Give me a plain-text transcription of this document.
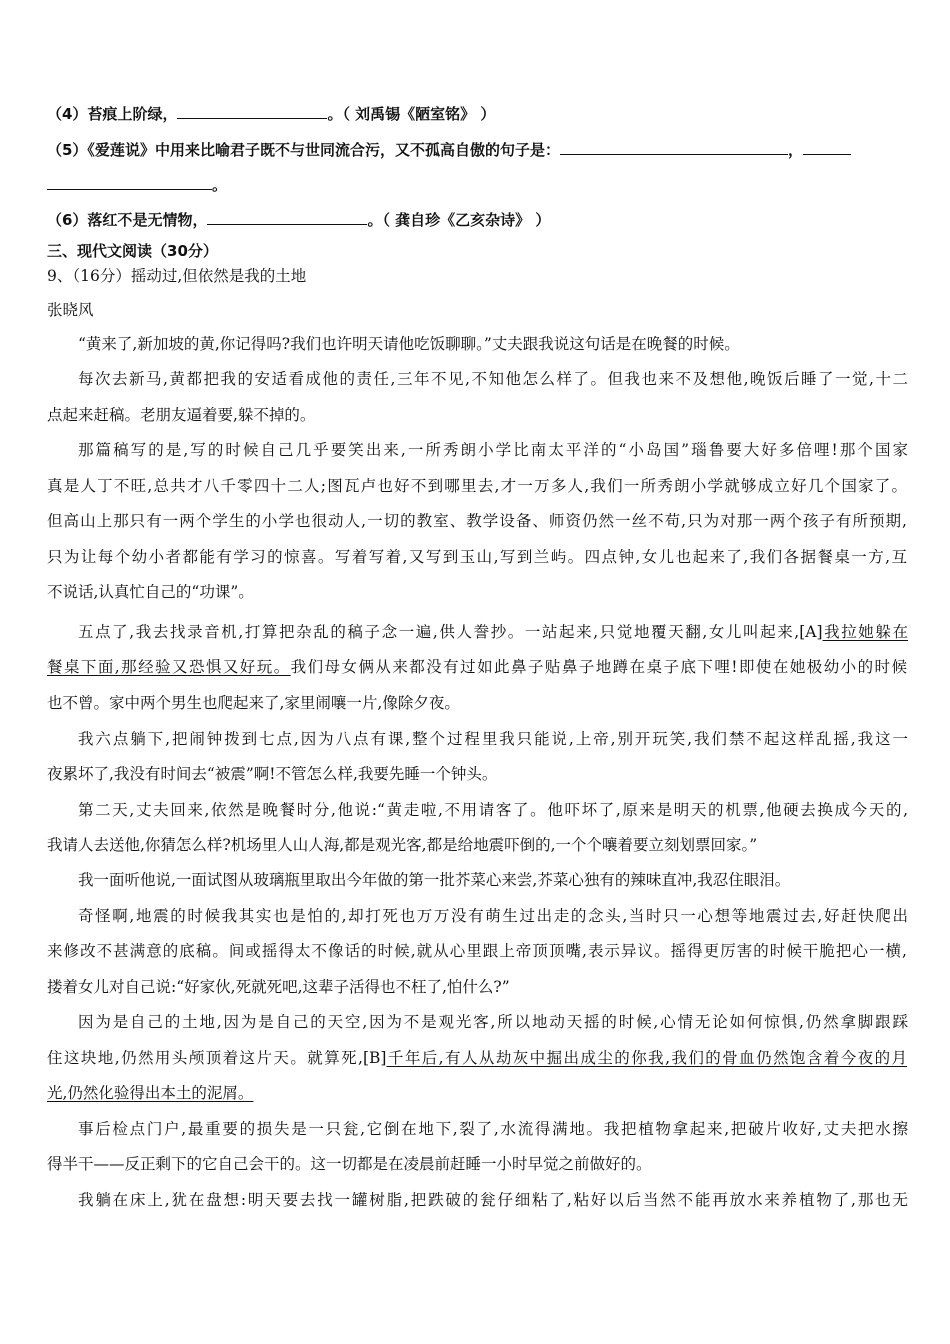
（4）苔痕上阶绿，	。（ 刘禹锡《陋室铭》 ）
（5）《爱莲说》中用来比喻君子既不与世同流合污，又不孤高自傲的句子是：	，
。
（6）落红不是无情物，	。（ 龚自珍《乙亥杂诗》 ）
三、现代文阅读（30分）
9、（16分）摇动过,但依然是我的土地
张晓风
“黄来了,新加坡的黄,你记得吗?我们也许明天请他吃饭聊聊。”丈夫跟我说这句话是在晚餐的时候。
每次去新马,黄都把我的安适看成他的责任,三年不见,不知他怎么样了。但我也来不及想他,晚饭后睡了一觉,十二
点起来赶稿。老朋友逼着要,躲不掉的。
那篇稿写的是,写的时候自己几乎要笑出来,一所秀朗小学比南太平洋的“小岛国”瑙鲁要大好多倍哩!那个国家
真是人丁不旺,总共才八千零四十二人;图瓦卢也好不到哪里去,才一万多人,我们一所秀朗小学就够成立好几个国家了。
但高山上那只有一两个学生的小学也很动人,一切的教室、教学设备、师资仍然一丝不苟,只为对那一两个孩子有所预期,
只为让每个幼小者都能有学习的惊喜。写着写着,又写到玉山,写到兰屿。四点钟,女儿也起来了,我们各据餐桌一方,互
不说话,认真忙自己的“功课”。
五点了,我去找录音机,打算把杂乱的稿子念一遍,供人誊抄。一站起来,只觉地覆天翻,女儿叫起来,[A]我拉她躲在
餐桌下面,那经验又恐惧又好玩。我们母女俩从来都没有过如此鼻子贴鼻子地蹲在桌子底下哩!即使在她极幼小的时候
也不曾。家中两个男生也爬起来了,家里闹嚷一片,像除夕夜。
我六点躺下,把闹钟拨到七点,因为八点有课,整个过程里我只能说,上帝,别开玩笑,我们禁不起这样乱摇,我这一
夜累坏了,我没有时间去“被震”啊!不管怎么样,我要先睡一个钟头。
第二天,丈夫回来,依然是晚餐时分,他说:“黄走啦,不用请客了。他吓坏了,原来是明天的机票,他硬去换成今天的,
我请人去送他,你猜怎么样?机场里人山人海,都是观光客,都是给地震吓倒的,一个个嚷着要立刻划票回家。”
我一面听他说,一面试图从玻璃瓶里取出今年做的第一批芥菜心来尝,芥菜心独有的辣味直冲,我忍住眼泪。
奇怪啊,地震的时候我其实也是怕的,却打死也万万没有萌生过出走的念头,当时只一心想等地震过去,好赶快爬出
来修改不甚满意的底稿。间或摇得太不像话的时候,就从心里跟上帝顶顶嘴,表示异议。摇得更厉害的时候干脆把心一横,
搂着女儿对自己说:“好家伙,死就死吧,这辈子活得也不枉了,怕什么?”
因为是自己的土地,因为是自己的天空,因为不是观光客,所以地动天摇的时候,心情无论如何惊惧,仍然拿脚跟踩
住这块地,仍然用头颅顶着这片天。就算死,[B]千年后,有人从劫灰中掘出成尘的你我,我们的骨血仍然饱含着今夜的月
光,仍然化验得出本土的泥屑。
事后检点门户,最重要的损失是一只瓮,它倒在地下,裂了,水流得满地。我把植物拿起来,把破片收好,丈夫把水擦
得半干——反正剩下的它自己会干的。这一切都是在凌晨前赶睡一小时早觉之前做好的。
我躺在床上,犹在盘想:明天要去找一罐树脂,把跌破的瓮仔细粘了,粘好以后当然不能再放水来养植物了,那也无
